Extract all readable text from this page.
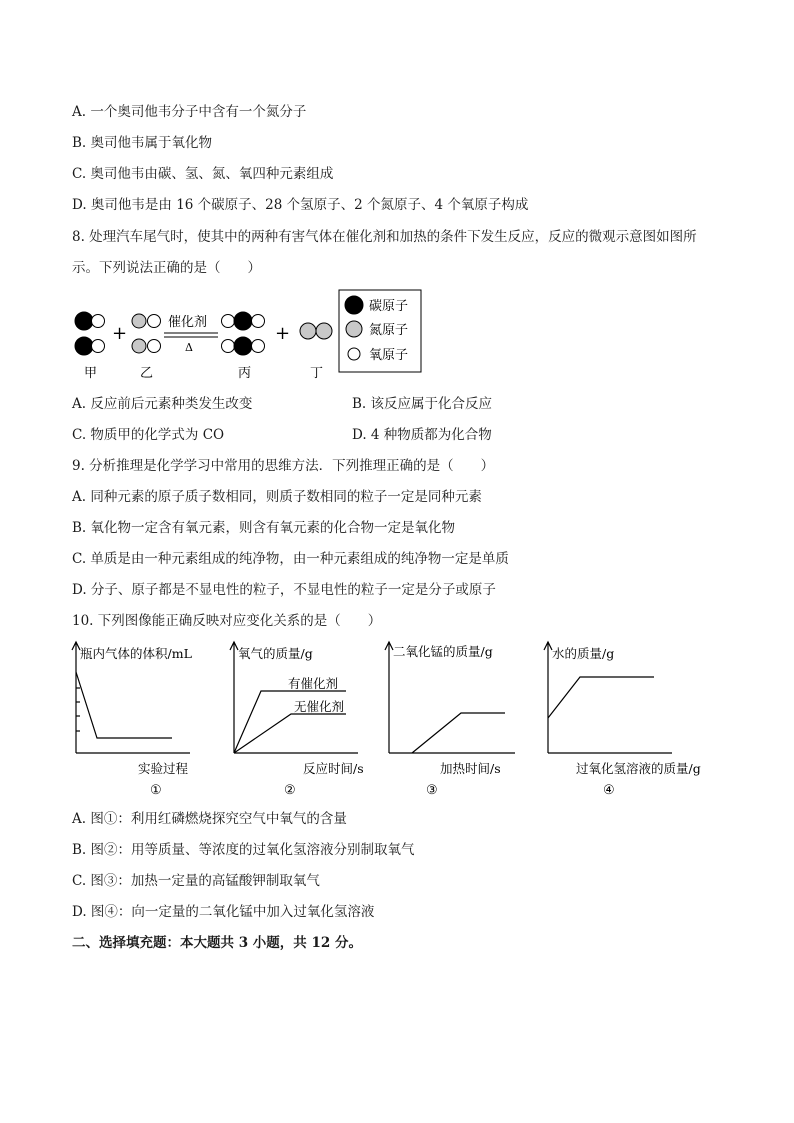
A. 一个奥司他韦分子中含有一个氮分子
B. 奥司他韦属于氧化物
C. 奥司他韦由碳、氢、氮、氧四种元素组成
D. 奥司他韦是由 16 个碳原子、28 个氢原子、2 个氮原子、4 个氧原子构成
8. 处理汽车尾气时，使其中的两种有害气体在催化剂和加热的条件下发生反应，反应的微观示意图如图所
示。下列说法正确的是（　　）
+
催化剂
Δ
+
甲	乙	丙	丁
碳原子
氮原子
氧原子
A. 反应前后元素种类发生改变	B. 该反应属于化合反应
C. 物质甲的化学式为 CO	D. 4 种物质都为化合物
9. 分析推理是化学学习中常用的思维方法．下列推理正确的是（　　）
A. 同种元素的原子质子数相同，则质子数相同的粒子一定是同种元素
B. 氧化物一定含有氧元素，则含有氧元素的化合物一定是氧化物
C. 单质是由一种元素组成的纯净物，由一种元素组成的纯净物一定是单质
D. 分子、原子都是不显电性的粒子，不显电性的粒子一定是分子或原子
10. 下列图像能正确反映对应变化关系的是（　　）
瓶内气体的体积/mL
实验过程
①
氧气的质量/g
有催化剂
无催化剂
反应时间/s
②
二氧化锰的质量/g
加热时间/s
③
水的质量/g
过氧化氢溶液的质量/g
④
A. 图①：利用红磷燃烧探究空气中氧气的含量
B. 图②：用等质量、等浓度的过氧化氢溶液分别制取氧气
C. 图③：加热一定量的高锰酸钾制取氧气
D. 图④：向一定量的二氧化锰中加入过氧化氢溶液
二、选择填充题：本大题共 3 小题，共 12 分。
